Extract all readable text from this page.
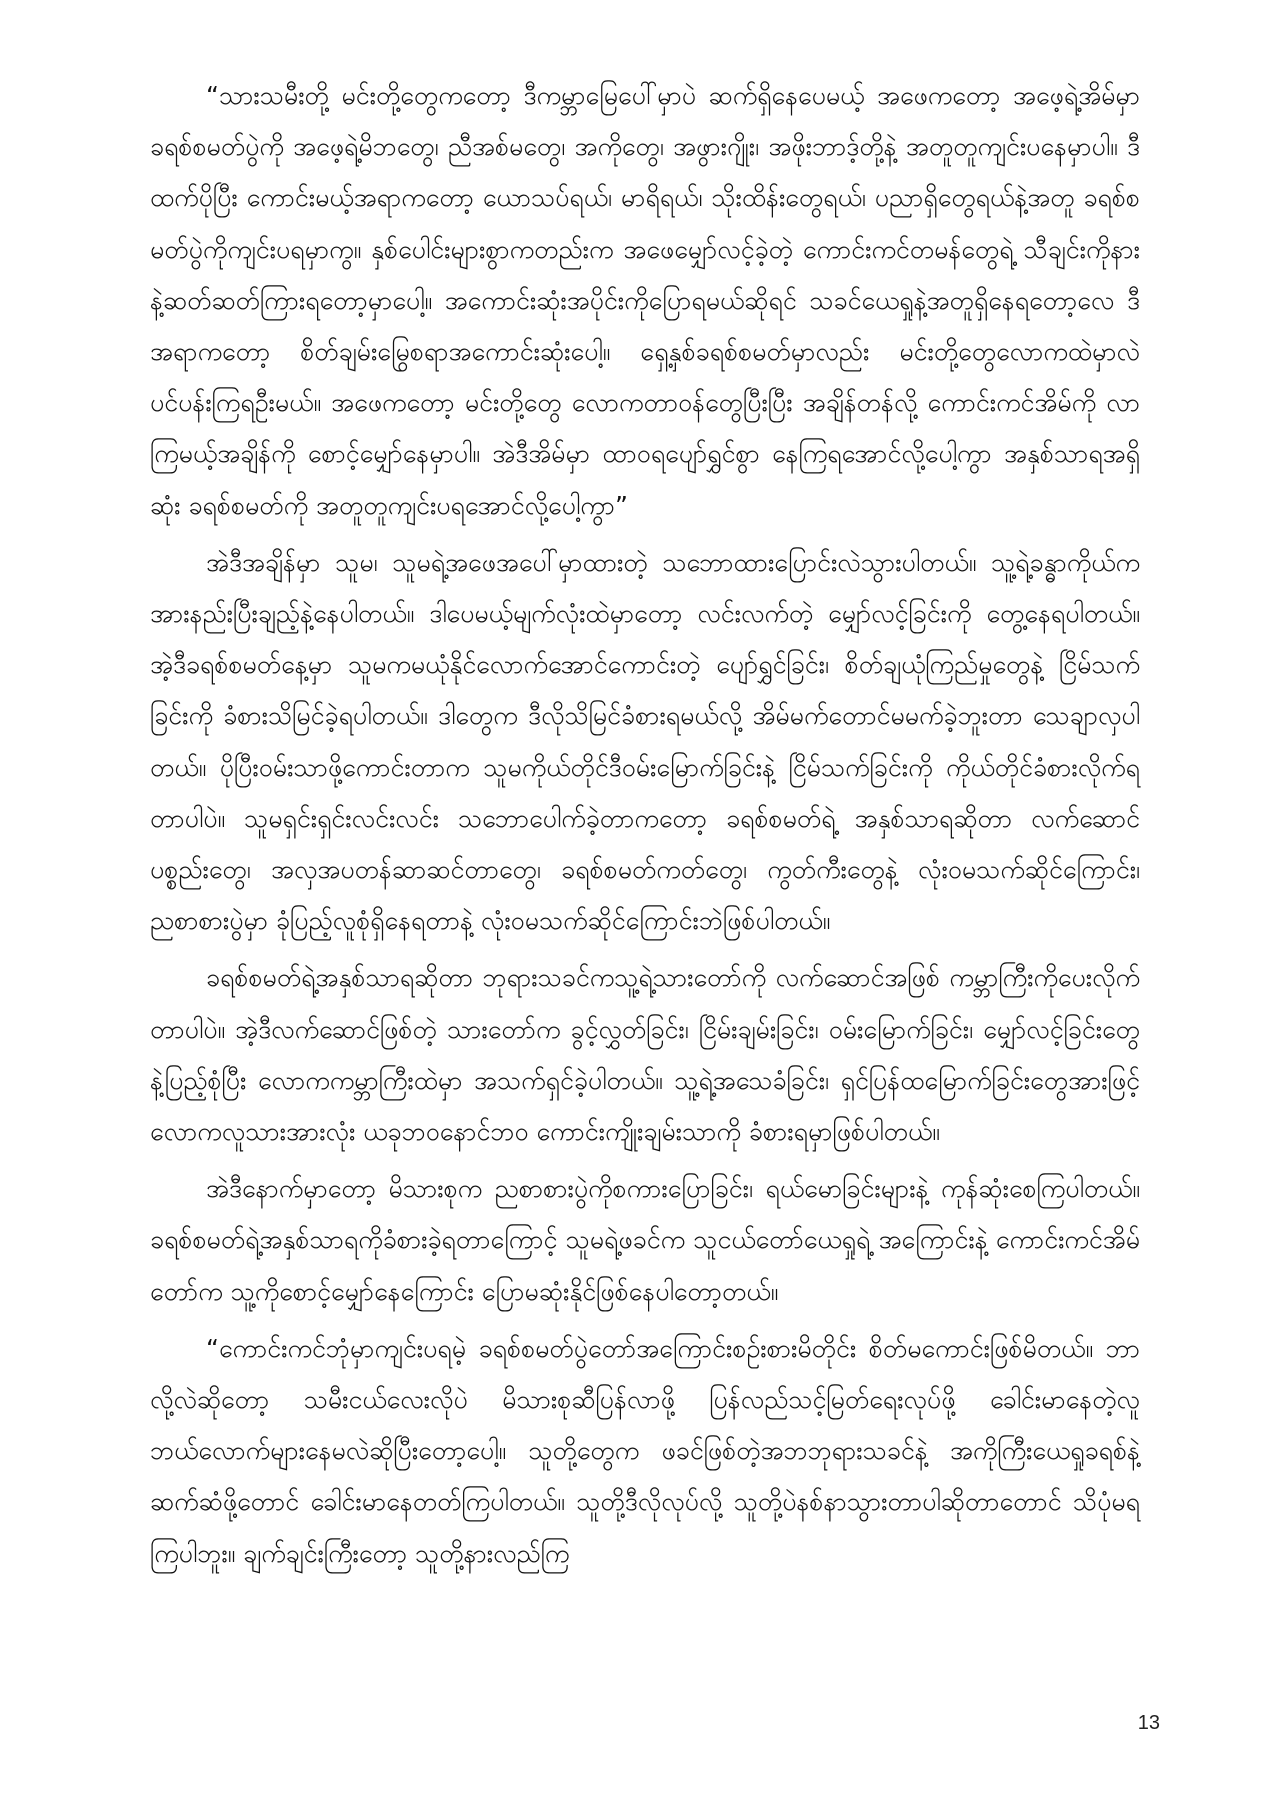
“သားသမီးတို့ မင်းတို့တွေကတော့ ဒီကမ္ဘာမြေပေါ်မှာပဲ ဆက်ရှိနေပေမယ့် အဖေကတော့ အဖေ့ရဲ့အိမ်မှာခရစ်စမတ်ပွဲကို အဖေ့ရဲ့မိဘတွေ၊ ညီအစ်မတွေ၊ အကိုတွေ၊ အဖွားဂျိုး၊ အဖိုးဘာဒ့်တို့နဲ့ အတူတူကျင်းပနေမှာပါ။ ဒီထက်ပိုပြီး ကောင်းမယ့်အရာကတော့ ယောသပ်ရယ်၊ မာရိရယ်၊ သိုးထိန်းတွေရယ်၊ ပညာရှိတွေရယ်နဲ့အတူ ခရစ်စမတ်ပွဲကိုကျင်းပရမှာကွ။ နှစ်ပေါင်းများစွာကတည်းက အဖေမျှော်လင့်ခဲ့တဲ့ ကောင်းကင်တမန်တွေရဲ့ သီချင်းကိုနားနဲ့ဆတ်ဆတ်ကြားရတော့မှာပေါ့။ အကောင်းဆုံးအပိုင်းကိုပြောရမယ်ဆိုရင် သခင်ယေရှုနဲ့အတူရှိနေရတော့လေ ဒီအရာကတော့ စိတ်ချမ်းမြွေစရာအကောင်းဆုံးပေါ့။ ရှေ့နှစ်ခရစ်စမတ်မှာလည်း မင်းတို့တွေလောကထဲမှာလဲ ပင်ပန်းကြရဦးမယ်။ အဖေကတော့ မင်းတို့တွေ လောကတာဝန်တွေပြီးပြီး အချိန်တန်လို့ ကောင်းကင်အိမ်ကို လာကြမယ့်အချိန်ကို စောင့်မျှော်နေမှာပါ။ အဲဒီအိမ်မှာ ထာဝရပျော်ရွှင်စွာ နေကြရအောင်လို့ပေါ့ကွာ အနှစ်သာရအရှိဆုံး ခရစ်စမတ်ကို အတူတူကျင်းပရအောင်လို့ပေါ့ကွာ”

အဲဒီအချိန်မှာ သူမ၊ သူမရဲ့အဖေအပေါ်မှာထားတဲ့ သဘောထားပြောင်းလဲသွားပါတယ်။ သူ့ရဲ့ခန္ဓာကိုယ်က အားနည်းပြီးချည့်နဲ့နေပါတယ်။ ဒါပေမယ့်မျက်လုံးထဲမှာတော့ လင်းလက်တဲ့ မျှော်လင့်ခြင်းကို တွေ့နေရပါတယ်။ အဲ့ဒီခရစ်စမတ်နေ့မှာ သူမကမယုံနိုင်လောက်အောင်ကောင်းတဲ့ ပျော်ရွှင်ခြင်း၊ စိတ်ချယုံကြည်မှုတွေနဲ့ ငြိမ်သက်ခြင်းကို ခံစားသိမြင်ခဲ့ရပါတယ်။ ဒါတွေက ဒီလိုသိမြင်ခံစားရမယ်လို့ အိမ်မက်တောင်မမက်ခဲ့ဘူးတာ သေချာလှပါတယ်။ ပိုပြီးဝမ်းသာဖို့ကောင်းတာက သူမကိုယ်တိုင်ဒီဝမ်းမြောက်ခြင်းနဲ့ ငြိမ်သက်ခြင်းကို ကိုယ်တိုင်ခံစားလိုက်ရတာပါပဲ။ သူမရှင်းရှင်းလင်းလင်း သဘောပေါက်ခဲ့တာကတော့ ခရစ်စမတ်ရဲ့ အနှစ်သာရဆိုတာ လက်ဆောင်ပစ္စည်းတွေ၊ အလှအပတန်ဆာဆင်တာတွေ၊ ခရစ်စမတ်ကတ်တွေ၊ ကွတ်ကီးတွေနဲ့ လုံးဝမသက်ဆိုင်ကြောင်း၊ ညစာစားပွဲမှာ ခုံပြည့်လူစုံရှိနေရတာနဲ့ လုံးဝမသက်ဆိုင်ကြောင်းဘဲဖြစ်ပါတယ်။

ခရစ်စမတ်ရဲ့အနှစ်သာရဆိုတာ ဘုရားသခင်ကသူ့ရဲ့သားတော်ကို လက်ဆောင်အဖြစ် ကမ္ဘာကြီးကိုပေးလိုက်တာပါပဲ။ အဲ့ဒီလက်ဆောင်ဖြစ်တဲ့ သားတော်က ခွင့်လွှတ်ခြင်း၊ ငြိမ်းချမ်းခြင်း၊ ဝမ်းမြောက်ခြင်း၊ မျှော်လင့်ခြင်းတွေနဲ့ပြည့်စုံပြီး လောကကမ္ဘာကြီးထဲမှာ အသက်ရှင်ခဲ့ပါတယ်။ သူ့ရဲ့အသေခံခြင်း၊ ရှင်ပြန်ထမြောက်ခြင်းတွေအားဖြင့် လောကလူသားအားလုံး ယခုဘဝနောင်ဘဝ ကောင်းကျိုးချမ်းသာကို ခံစားရမှာဖြစ်ပါတယ်။

အဲဒီနောက်မှာတော့ မိသားစုက ညစာစားပွဲကိုစကားပြောခြင်း၊ ရယ်မောခြင်းများနဲ့ ကုန်ဆုံးစေကြပါတယ်။ ခရစ်စမတ်ရဲ့အနှစ်သာရကိုခံစားခဲ့ရတာကြောင့် သူမရဲ့ဖခင်က သူငယ်တော်ယေရှုရဲ့ အကြောင်းနဲ့ ကောင်းကင်အိမ်တော်က သူ့ကိုစောင့်မျှော်နေကြောင်း ပြောမဆုံးနိုင်ဖြစ်နေပါတော့တယ်။

“ကောင်းကင်ဘုံမှာကျင်းပရမဲ့ ခရစ်စမတ်ပွဲတော်အကြောင်းစဉ်းစားမိတိုင်း စိတ်မကောင်းဖြစ်မိတယ်။ ဘာလို့လဲဆိုတော့ သမီးငယ်လေးလိုပဲ မိသားစုဆီပြန်လာဖို့ ပြန်လည်သင့်မြတ်ရေးလုပ်ဖို့ ခေါင်းမာနေတဲ့လူ ဘယ်လောက်များနေမလဲဆိုပြီးတော့ပေါ့။ သူတို့တွေက ဖခင်ဖြစ်တဲ့အဘဘုရားသခင်နဲ့ အကိုကြီးယေရှုခရစ်နဲ့ ဆက်ဆံဖို့တောင် ခေါင်းမာနေတတ်ကြပါတယ်။ သူတို့ဒီလိုလုပ်လို့ သူတို့ပဲနစ်နာသွားတာပါဆိုတာတောင် သိပုံမရကြပါဘူး။ ချက်ချင်းကြီးတော့ သူတို့နားလည်ကြ

13
